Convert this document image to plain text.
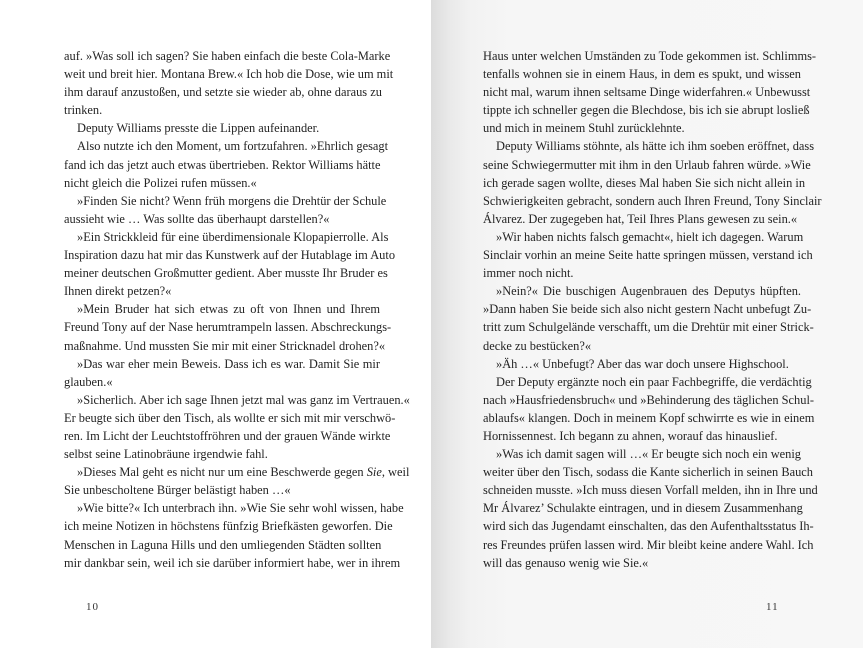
auf. »Was soll ich sagen? Sie haben einfach die beste Cola-Marke
weit und breit hier. Montana Brew.« Ich hob die Dose, wie um mit
ihm darauf anzustoßen, und setzte sie wieder ab, ohne daraus zu
trinken.
Deputy Williams presste die Lippen aufeinander.
Also nutzte ich den Moment, um fortzufahren. »Ehrlich gesagt
fand ich das jetzt auch etwas übertrieben. Rektor Williams hätte
nicht gleich die Polizei rufen müssen.«
»Finden Sie nicht? Wenn früh morgens die Drehtür der Schule
aussieht wie … Was sollte das überhaupt darstellen?«
»Ein Strickkleid für eine überdimensionale Klopapierrolle. Als
Inspiration dazu hat mir das Kunstwerk auf der Hutablage im Auto
meiner deutschen Großmutter gedient. Aber musste Ihr Bruder es
Ihnen direkt petzen?«
»Mein Bruder hat sich etwas zu oft von Ihnen und Ihrem
Freund Tony auf der Nase herumtrampeln lassen. Abschreckungs-
maßnahme. Und mussten Sie mir mit einer Stricknadel drohen?«
»Das war eher mein Beweis. Dass ich es war. Damit Sie mir
glauben.«
»Sicherlich. Aber ich sage Ihnen jetzt mal was ganz im Vertrauen.«
Er beugte sich über den Tisch, als wollte er sich mit mir verschwö-
ren. Im Licht der Leuchtstoffröhren und der grauen Wände wirkte
selbst seine Latinobräune irgendwie fahl.
»Dieses Mal geht es nicht nur um eine Beschwerde gegen Sie, weil
Sie unbescholtene Bürger belästigt haben …«
»Wie bitte?« Ich unterbrach ihn. »Wie Sie sehr wohl wissen, habe
ich meine Notizen in höchstens fünfzig Briefkästen geworfen. Die
Menschen in Laguna Hills und den umliegenden Städten sollten
mir dankbar sein, weil ich sie darüber informiert habe, wer in ihrem
10
Haus unter welchen Umständen zu Tode gekommen ist. Schlimms-
tenfalls wohnen sie in einem Haus, in dem es spukt, und wissen
nicht mal, warum ihnen seltsame Dinge widerfahren.« Unbewusst
tippte ich schneller gegen die Blechdose, bis ich sie abrupt losließ
und mich in meinem Stuhl zurücklehnte.
Deputy Williams stöhnte, als hätte ich ihm soeben eröffnet, dass
seine Schwiegermutter mit ihm in den Urlaub fahren würde. »Wie
ich gerade sagen wollte, dieses Mal haben Sie sich nicht allein in
Schwierigkeiten gebracht, sondern auch Ihren Freund, Tony Sinclair
Álvarez. Der zugegeben hat, Teil Ihres Plans gewesen zu sein.«
»Wir haben nichts falsch gemacht«, hielt ich dagegen. Warum
Sinclair vorhin an meine Seite hatte springen müssen, verstand ich
immer noch nicht.
»Nein?« Die buschigen Augenbrauen des Deputys hüpften.
»Dann haben Sie beide sich also nicht gestern Nacht unbefugt Zu-
tritt zum Schulgelände verschafft, um die Drehtür mit einer Strick-
decke zu bestücken?«
»Äh …« Unbefugt? Aber das war doch unsere Highschool.
Der Deputy ergänzte noch ein paar Fachbegriffe, die verdächtig
nach »Hausfriedensbruch« und »Behinderung des täglichen Schul-
ablaufs« klangen. Doch in meinem Kopf schwirrte es wie in einem
Hornissennest. Ich begann zu ahnen, worauf das hinauslief.
»Was ich damit sagen will …« Er beugte sich noch ein wenig
weiter über den Tisch, sodass die Kante sicherlich in seinen Bauch
schneiden musste. »Ich muss diesen Vorfall melden, ihn in Ihre und
Mr Álvarez’ Schulakte eintragen, und in diesem Zusammenhang
wird sich das Jugendamt einschalten, das den Aufenthaltsstatus Ih-
res Freundes prüfen lassen wird. Mir bleibt keine andere Wahl. Ich
will das genauso wenig wie Sie.«
11
